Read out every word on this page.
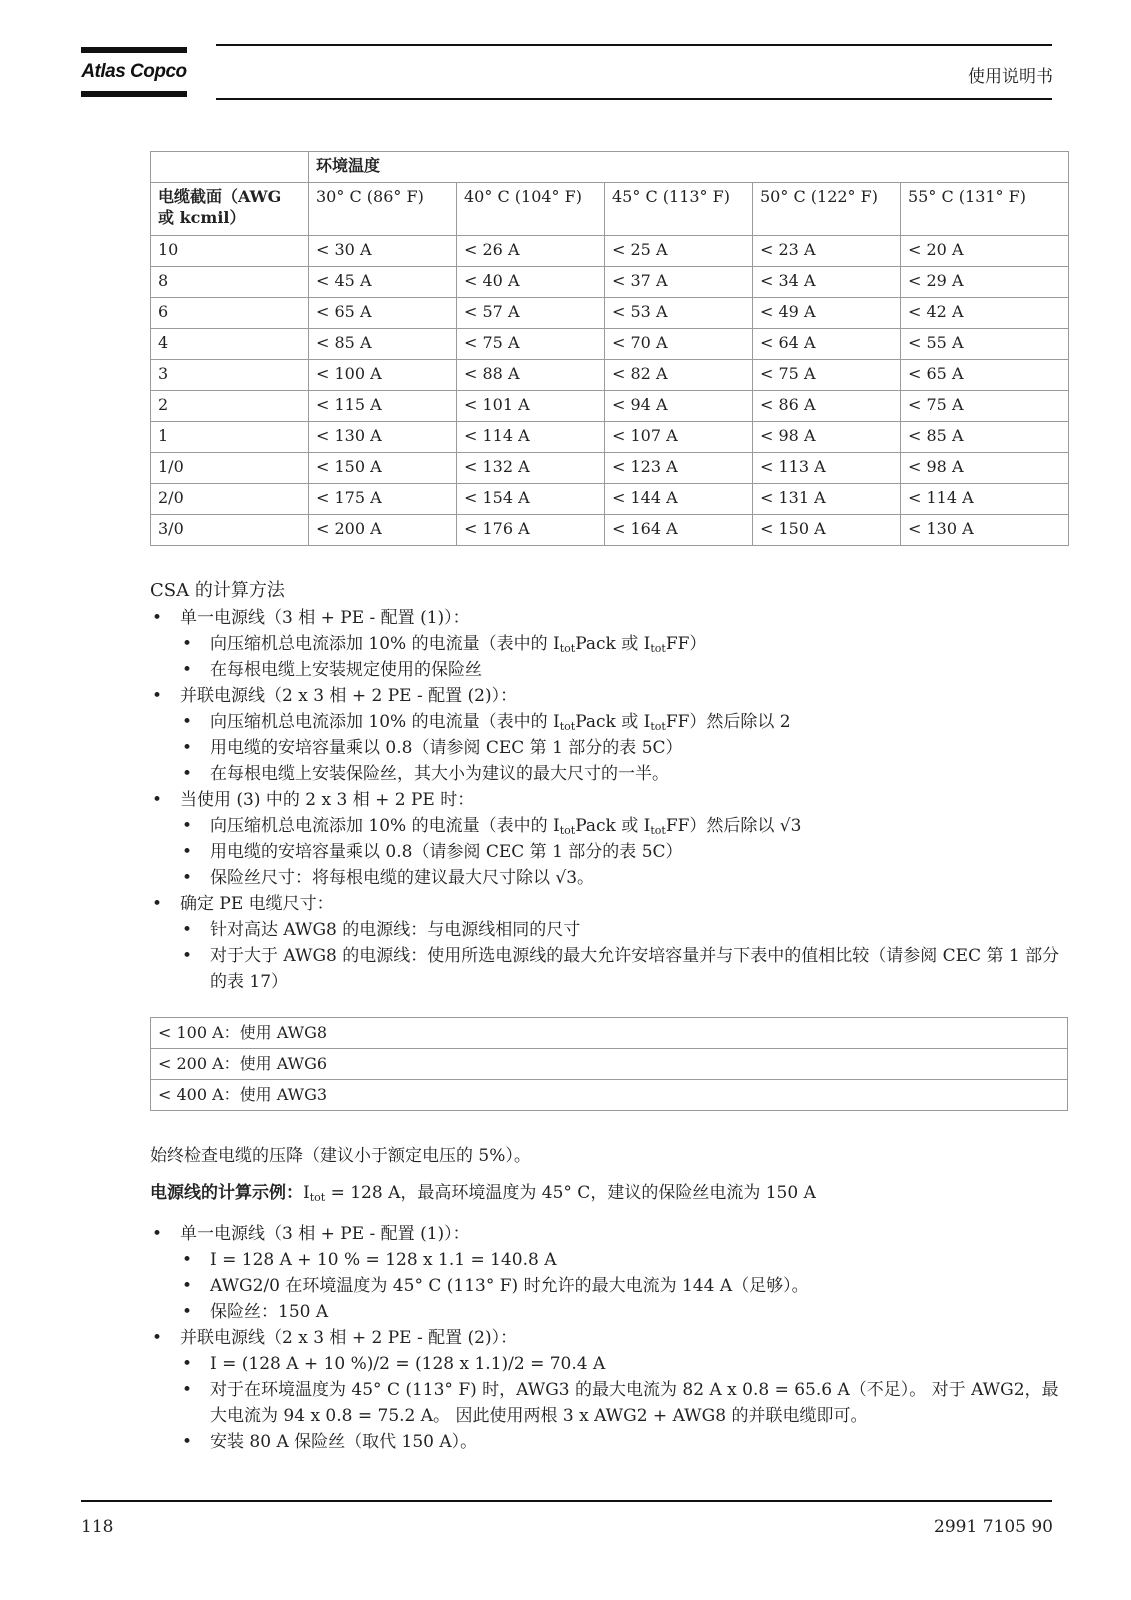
Atlas Copco	使用说明书
	环境温度				
电缆截面（AWG 或 kcmil）	30° C (86° F)	40° C (104° F)	45° C (113° F)	50° C (122° F)	55° C (131° F)
10	< 30 A	< 26 A	< 25 A	< 23 A	< 20 A
8	< 45 A	< 40 A	< 37 A	< 34 A	< 29 A
6	< 65 A	< 57 A	< 53 A	< 49 A	< 42 A
4	< 85 A	< 75 A	< 70 A	< 64 A	< 55 A
3	< 100 A	< 88 A	< 82 A	< 75 A	< 65 A
2	< 115 A	< 101 A	< 94 A	< 86 A	< 75 A
1	< 130 A	< 114 A	< 107 A	< 98 A	< 85 A
1/0	< 150 A	< 132 A	< 123 A	< 113 A	< 98 A
2/0	< 175 A	< 154 A	< 144 A	< 131 A	< 114 A
3/0	< 200 A	< 176 A	< 164 A	< 150 A	< 130 A
CSA 的计算方法
• 单一电源线（3 相 + PE - 配置 (1)）：
• 向压缩机总电流添加 10% 的电流量（表中的 $I_{tot}Pack$ 或 $I_{tot}FF$）
• 在每根电缆上安装规定使用的保险丝
• 并联电源线（2 x 3 相 + 2 PE - 配置 (2)）：
• 向压缩机总电流添加 10% 的电流量（表中的 $I_{tot}Pack$ 或 $I_{tot}FF$）然后除以 2
• 用电缆的安培容量乘以 0.8（请参阅 CEC 第 1 部分的表 5C）
• 在每根电缆上安装保险丝，其大小为建议的最大尺寸的一半。
• 当使用 (3) 中的 2 x 3 相 + 2 PE 时：
• 向压缩机总电流添加 10% 的电流量（表中的 $I_{tot}Pack$ 或 $I_{tot}FF$）然后除以 √3
• 用电缆的安培容量乘以 0.8（请参阅 CEC 第 1 部分的表 5C）
• 保险丝尺寸：将每根电缆的建议最大尺寸除以 √3。
• 确定 PE 电缆尺寸：
• 针对高达 AWG8 的电源线：与电源线相同的尺寸
• 对于大于 AWG8 的电源线：使用所选电源线的最大允许安培容量并与下表中的值相比较（请参阅 CEC 第 1 部分的表 17）
< 100 A：使用 AWG8
< 200 A：使用 AWG6
< 400 A：使用 AWG3
始终检查电缆的压降（建议小于额定电压的 5%）。
电源线的计算示例：$I_{tot} = 128$ A，最高环境温度为 45° C，建议的保险丝电流为 150 A
• 单一电源线（3 相 + PE - 配置 (1)）：
• I = 128 A + 10 % = 128 x 1.1 = 140.8 A
• AWG2/0 在环境温度为 45° C (113° F) 时允许的最大电流为 144 A（足够）。
• 保险丝：150 A
• 并联电源线（2 x 3 相 + 2 PE - 配置 (2)）：
• I = (128 A + 10 %)/2 = (128 x 1.1)/2 = 70.4 A
• 对于在环境温度为 45° C (113° F) 时，AWG3 的最大电流为 82 A x 0.8 = 65.6 A（不足）。 对于 AWG2，最大电流为 94 x 0.8 = 75.2 A。 因此使用两根 3 x AWG2 + AWG8 的并联电缆即可。
• 安装 80 A 保险丝（取代 150 A）。
118	2991 7105 90
